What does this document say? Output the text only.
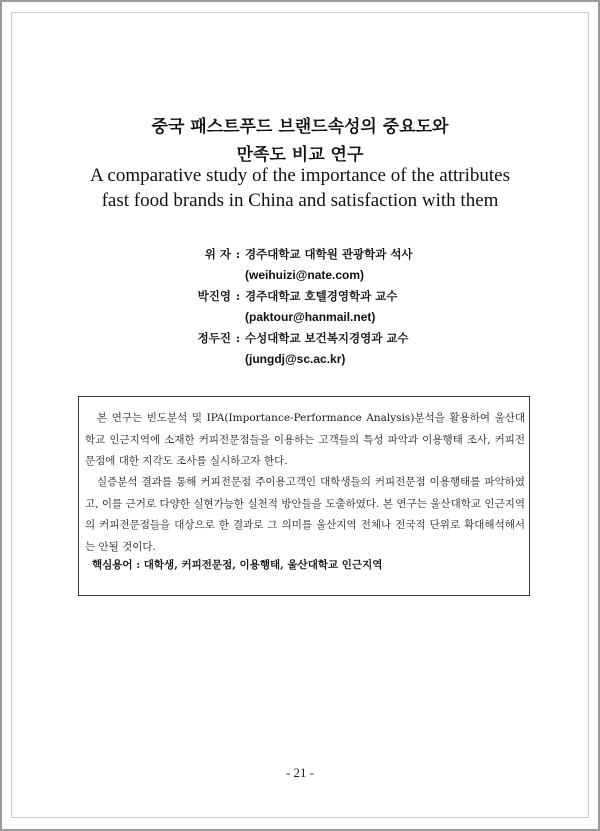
중국 패스트푸드 브랜드속성의 중요도와
만족도 비교 연구
A comparative study of the importance of the attributes
fast food brands in China and satisfaction with them
위 자 : 경주대학교 대학원 관광학과 석사
(weihuizi@nate.com)
박진영 : 경주대학교 호텔경영학과 교수
(paktour@hanmail.net)
정두진 : 수성대학교 보건복지경영과 교수
(jungdj@sc.ac.kr)
본 연구는 빈도분석 및 IPA(Importance-Performance Analysis)분석을 활용하여 울산대학교 인근지역에 소재한 커피전문점들을 이용하는 고객들의 특성 파악과 이용행태 조사, 커피전문점에 대한 지각도 조사를 실시하고자 한다.
실증분석 결과를 통해 커피전문점 주이용고객인 대학생들의 커피전문점 이용행태를 파악하였고, 이를 근거로 다양한 실현가능한 실천적 방안들을 도출하였다. 본 연구는 울산대학교 인근지역의 커피전문점들을 대상으로 한 결과로 그 의미를 울산지역 전체나 전국적 단위로 확대해석해서는 안될 것이다.
핵심용어 : 대학생, 커피전문점, 이용행태, 울산대학교 인근지역
- 21 -
